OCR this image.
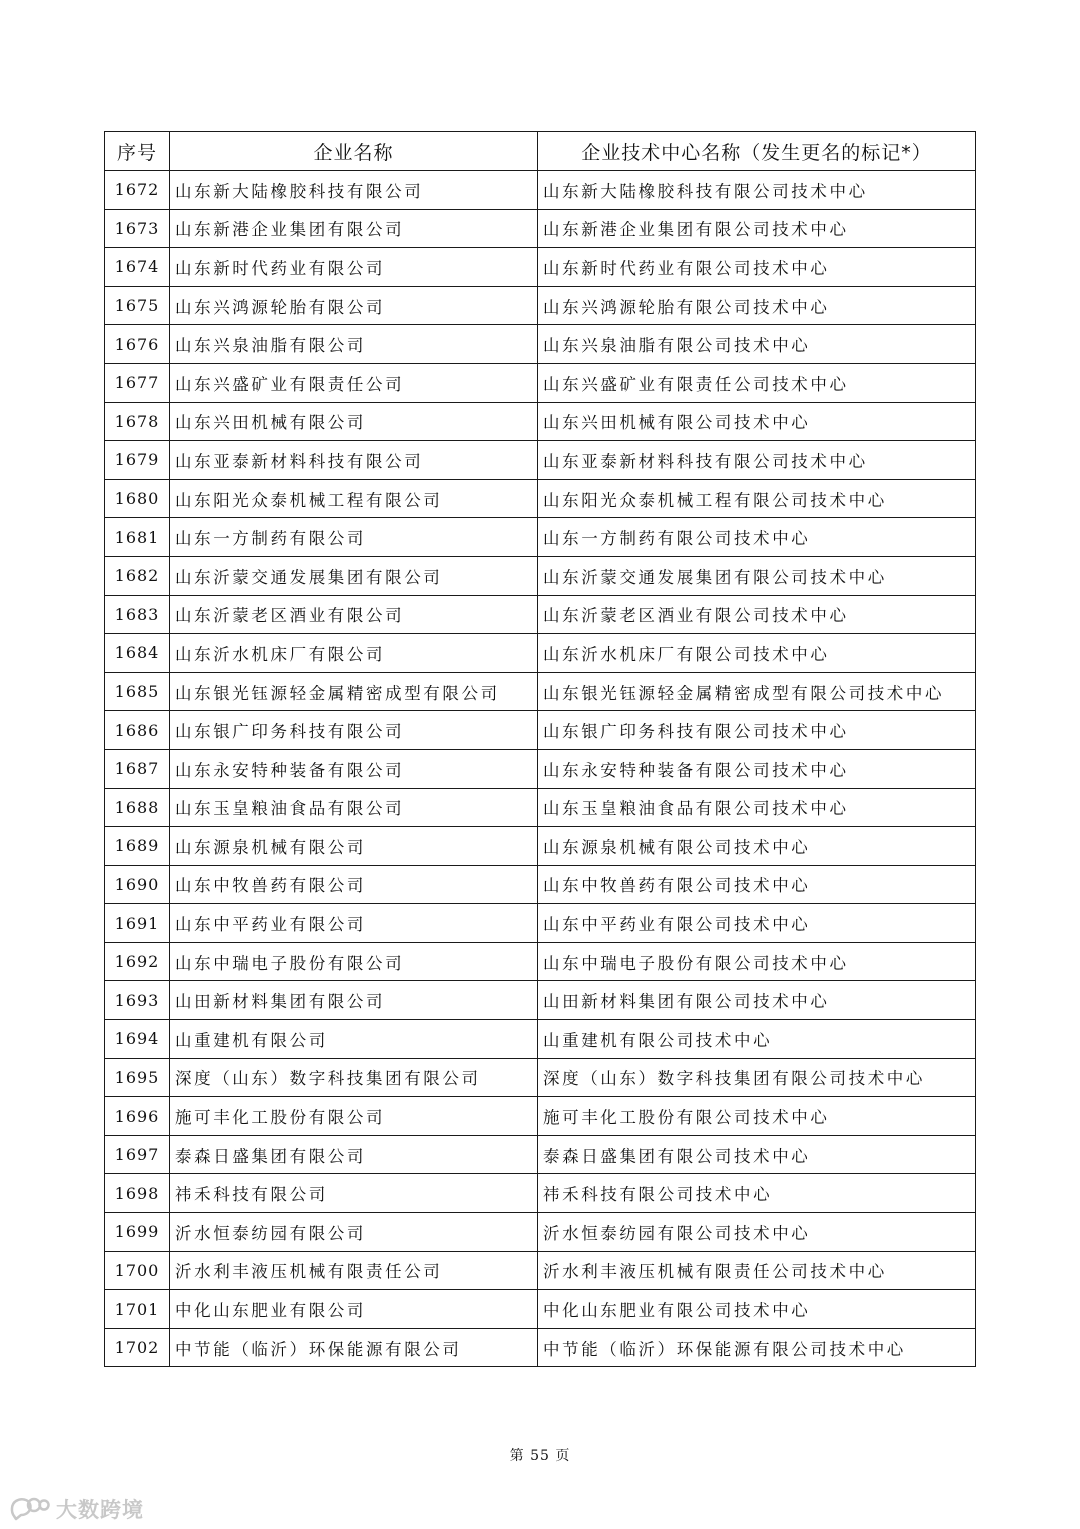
序号	企业名称	企业技术中心名称（发生更名的标记*）
1672	山东新大陆橡胶科技有限公司	山东新大陆橡胶科技有限公司技术中心
1673	山东新港企业集团有限公司	山东新港企业集团有限公司技术中心
1674	山东新时代药业有限公司	山东新时代药业有限公司技术中心
1675	山东兴鸿源轮胎有限公司	山东兴鸿源轮胎有限公司技术中心
1676	山东兴泉油脂有限公司	山东兴泉油脂有限公司技术中心
1677	山东兴盛矿业有限责任公司	山东兴盛矿业有限责任公司技术中心
1678	山东兴田机械有限公司	山东兴田机械有限公司技术中心
1679	山东亚泰新材料科技有限公司	山东亚泰新材料科技有限公司技术中心
1680	山东阳光众泰机械工程有限公司	山东阳光众泰机械工程有限公司技术中心
1681	山东一方制药有限公司	山东一方制药有限公司技术中心
1682	山东沂蒙交通发展集团有限公司	山东沂蒙交通发展集团有限公司技术中心
1683	山东沂蒙老区酒业有限公司	山东沂蒙老区酒业有限公司技术中心
1684	山东沂水机床厂有限公司	山东沂水机床厂有限公司技术中心
1685	山东银光钰源轻金属精密成型有限公司	山东银光钰源轻金属精密成型有限公司技术中心
1686	山东银广印务科技有限公司	山东银广印务科技有限公司技术中心
1687	山东永安特种装备有限公司	山东永安特种装备有限公司技术中心
1688	山东玉皇粮油食品有限公司	山东玉皇粮油食品有限公司技术中心
1689	山东源泉机械有限公司	山东源泉机械有限公司技术中心
1690	山东中牧兽药有限公司	山东中牧兽药有限公司技术中心
1691	山东中平药业有限公司	山东中平药业有限公司技术中心
1692	山东中瑞电子股份有限公司	山东中瑞电子股份有限公司技术中心
1693	山田新材料集团有限公司	山田新材料集团有限公司技术中心
1694	山重建机有限公司	山重建机有限公司技术中心
1695	深度（山东）数字科技集团有限公司	深度（山东）数字科技集团有限公司技术中心
1696	施可丰化工股份有限公司	施可丰化工股份有限公司技术中心
1697	泰森日盛集团有限公司	泰森日盛集团有限公司技术中心
1698	祎禾科技有限公司	祎禾科技有限公司技术中心
1699	沂水恒泰纺园有限公司	沂水恒泰纺园有限公司技术中心
1700	沂水利丰液压机械有限责任公司	沂水利丰液压机械有限责任公司技术中心
1701	中化山东肥业有限公司	中化山东肥业有限公司技术中心
1702	中节能（临沂）环保能源有限公司	中节能（临沂）环保能源有限公司技术中心
第 55 页
大数跨境
